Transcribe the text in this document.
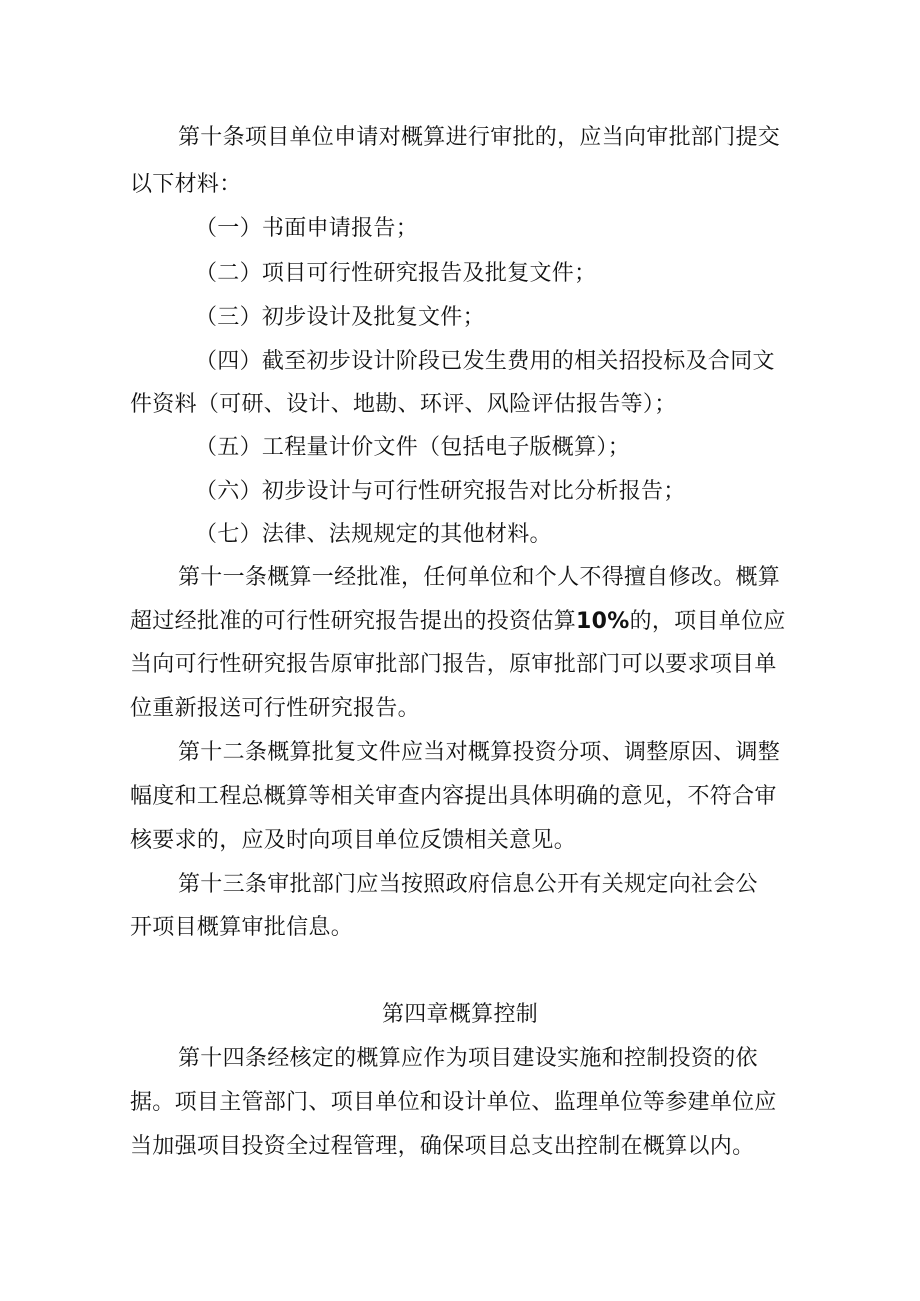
第十条项目单位申请对概算进行审批的，应当向审批部门提交
以下材料：
（一）书面申请报告；
（二）项目可行性研究报告及批复文件；
（三）初步设计及批复文件；
（四）截至初步设计阶段已发生费用的相关招投标及合同文
件资料（可研、设计、地勘、环评、风险评估报告等）；
（五）工程量计价文件（包括电子版概算）；
（六）初步设计与可行性研究报告对比分析报告；
（七）法律、法规规定的其他材料。
第十一条概算一经批准，任何单位和个人不得擅自修改。概算
超过经批准的可行性研究报告提出的投资估算10%的，项目单位应
当向可行性研究报告原审批部门报告，原审批部门可以要求项目单
位重新报送可行性研究报告。
第十二条概算批复文件应当对概算投资分项、调整原因、调整
幅度和工程总概算等相关审查内容提出具体明确的意见，不符合审
核要求的，应及时向项目单位反馈相关意见。
第十三条审批部门应当按照政府信息公开有关规定向社会公
开项目概算审批信息。
第四章概算控制
第十四条经核定的概算应作为项目建设实施和控制投资的依
据。项目主管部门、项目单位和设计单位、监理单位等参建单位应
当加强项目投资全过程管理，确保项目总支出控制在概算以内。
